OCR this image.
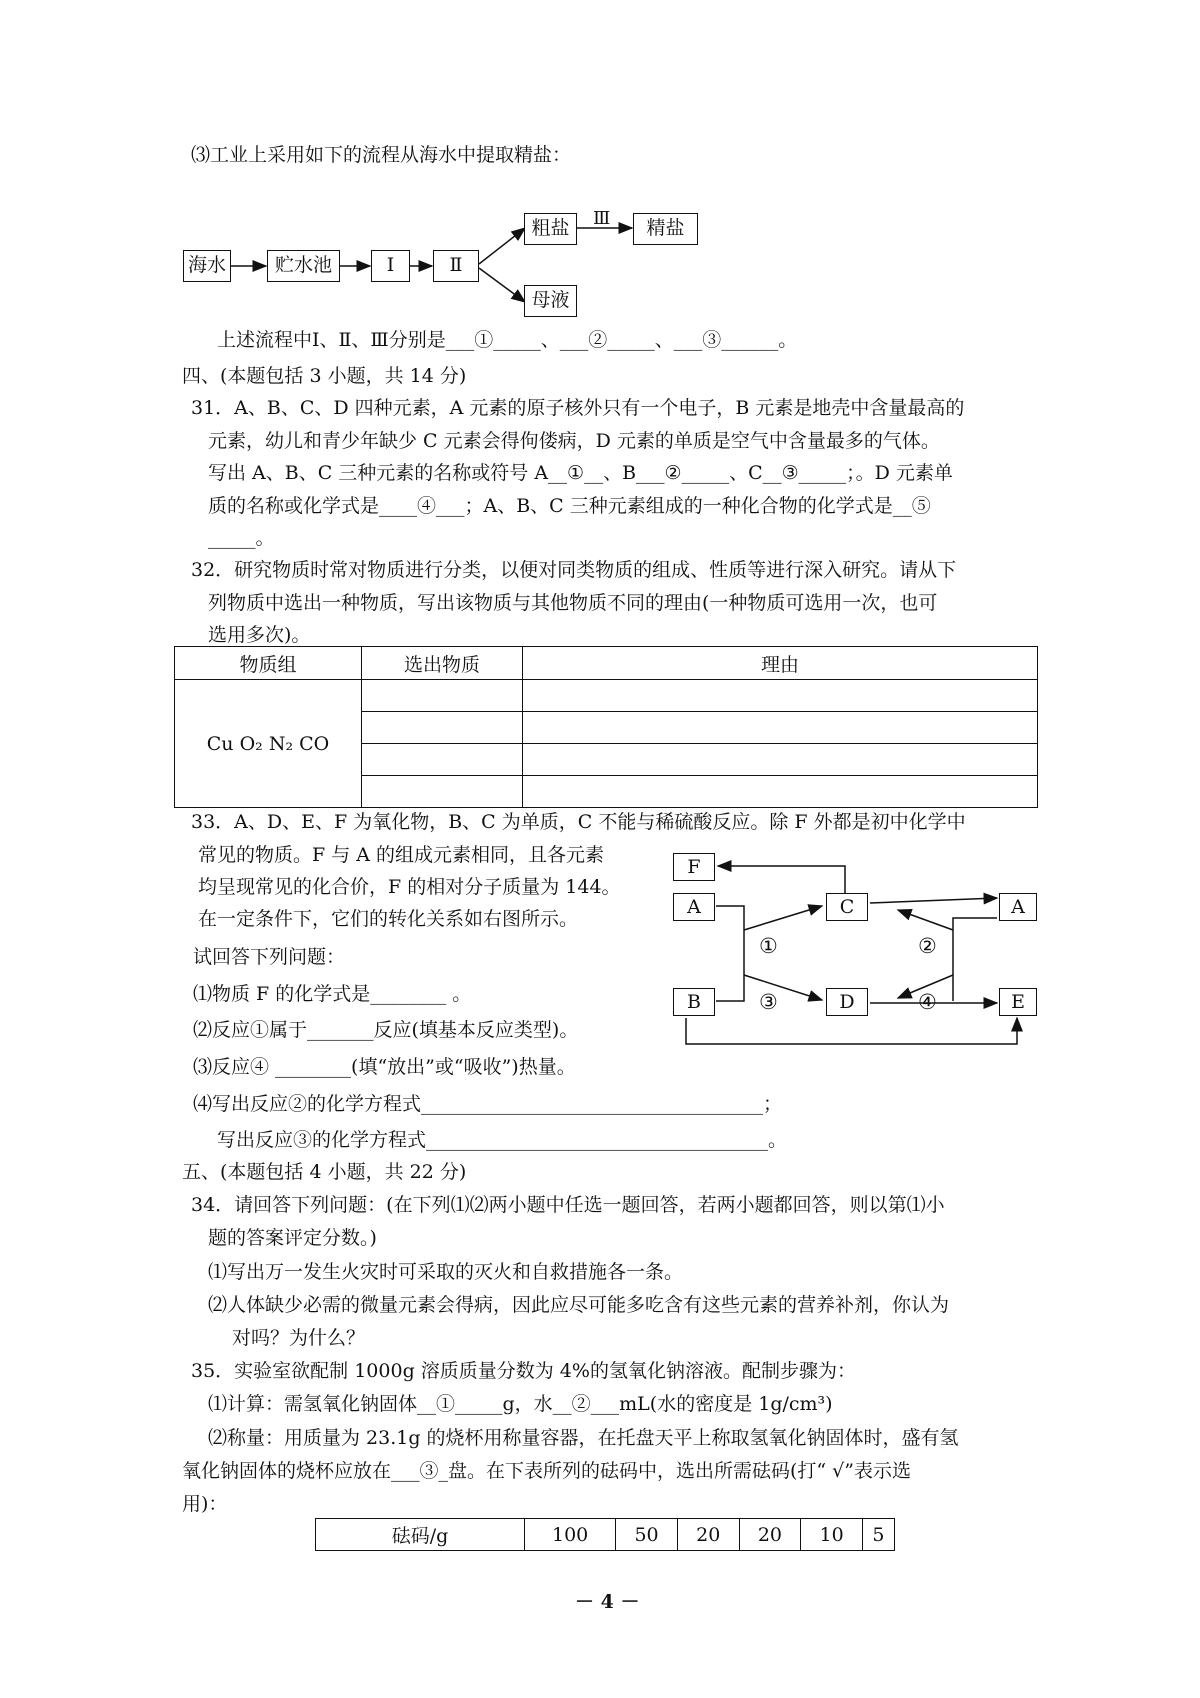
⑶工业上采用如下的流程从海水中提取精盐：
海水	贮水池	Ⅰ	Ⅱ
粗盐	Ⅲ	精盐
母液
上述流程中Ⅰ、Ⅱ、Ⅲ分别是___①_____、___②_____、___③______。
四、(本题包括 3 小题，共 14 分)
31．A、B、C、D 四种元素，A 元素的原子核外只有一个电子，B 元素是地壳中含量最高的
元素，幼儿和青少年缺少 C 元素会得佝偻病，D 元素的单质是空气中含量最多的气体。
写出 A、B、C 三种元素的名称或符号 A__①__、B___②_____、C__③_____；。D 元素单
质的名称或化学式是____④___；A、B、C 三种元素组成的一种化合物的化学式是__⑤
_____。
32．研究物质时常对物质进行分类，以便对同类物质的组成、性质等进行深入研究。请从下
列物质中选出一种物质，写出该物质与其他物质不同的理由(一种物质可选用一次，也可
选用多次)。
物质组	选出物质	理由
Cu O₂ N₂ CO		

33．A、D、E、F 为氧化物，B、C 为单质，C 不能与稀硫酸反应。除 F 外都是初中化学中
常见的物质。F 与 A 的组成元素相同，且各元素
均呈现常见的化合价，F 的相对分子质量为 144。
在一定条件下，它们的转化关系如右图所示。
试回答下列问题：
⑴物质 F 的化学式是________ 。
⑵反应①属于_______反应(填基本反应类型)。
⑶反应④ ________(填“放出”或“吸收”)热量。
⑷写出反应②的化学方程式____________________________________；
写出反应③的化学方程式____________________________________。
F
A	C	A
B	D	E
①	②
③	④
五、(本题包括 4 小题，共 22 分)
34．请回答下列问题：(在下列⑴⑵两小题中任选一题回答，若两小题都回答，则以第⑴小
题的答案评定分数。)
⑴写出万一发生火灾时可采取的灭火和自救措施各一条。
⑵人体缺少必需的微量元素会得病，因此应尽可能多吃含有这些元素的营养补剂，你认为
对吗？为什么？
35．实验室欲配制 1000g 溶质质量分数为 4%的氢氧化钠溶液。配制步骤为：
⑴计算：需氢氧化钠固体__①_____g，水__②___mL(水的密度是 1g/cm³)
⑵称量：用质量为 23.1g 的烧杯用称量容器，在托盘天平上称取氢氧化钠固体时，盛有氢
氧化钠固体的烧杯应放在___③_盘。在下表所列的砝码中，选出所需砝码(打“ √”表示选
用)：
砝码/g	100	50	20	20	10	5
－ 4 －
